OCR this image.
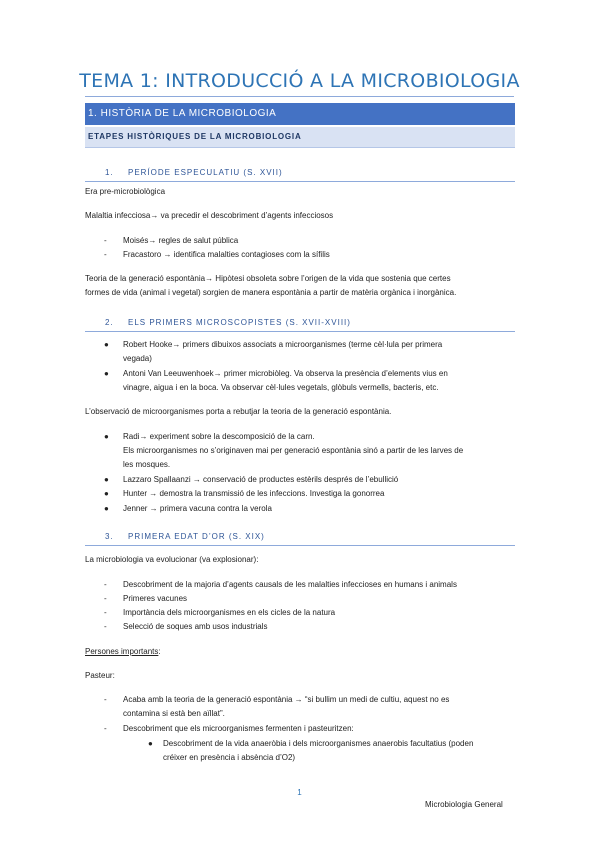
TEMA 1: INTRODUCCIÓ A LA MICROBIOLOGIA
1. HISTÒRIA DE LA MICROBIOLOGIA
ETAPES HISTÒRIQUES DE LA MICROBIOLOGIA
1. PERÍODE ESPECULATIU (S. XVII)
Era pre-microbiològica
Malaltia infecciosa→ va precedir el descobriment d’agents infecciosos
-	Moisés→ regles de salut pública
-	Fracastoro → identifica malalties contagioses com la sífilis
Teoria de la generació espontània→ Hipòtesi obsoleta sobre l’origen de la vida que sostenia que certes
formes de vida (animal i vegetal) sorgien de manera espontània a partir de matèria orgànica i inorgànica.
2. ELS PRIMERS MICROSCOPISTES (S. XVII-XVIII)
●	Robert Hooke→ primers dibuixos associats a microorganismes (terme cèl·lula per primera
vegada)
●	Antoni Van Leeuwenhoek→ primer microbiòleg. Va observa la presència d’elements vius en
vinagre, aigua i en la boca. Va observar cèl·lules vegetals, glòbuls vermells, bacteris, etc.
L’observació de microorganismes porta a rebutjar la teoria de la generació espontània.
●	Radi→ experiment sobre la descomposició de la carn.
Els microorganismes no s’originaven mai per generació espontània sinó a partir de les larves de
les mosques.
●	Lazzaro Spallaanzi → conservació de productes estèrils després de l’ebullició
●	Hunter → demostra la transmissió de les infeccions. Investiga la gonorrea
●	Jenner → primera vacuna contra la verola
3. PRIMERA EDAT D’OR (S. XIX)
La microbiologia va evolucionar (va explosionar):
-	Descobriment de la majoria d’agents causals de les malalties infeccioses en humans i animals
-	Primeres vacunes
-	Importància dels microorganismes en els cicles de la natura
-	Selecció de soques amb usos industrials
Persones importants:
Pasteur:
-	Acaba amb la teoria de la generació espontània → “si bullim un medi de cultiu, aquest no es
contamina si està ben aïllat”.
-	Descobriment que els microorganismes fermenten i pasteuritzen:
●	Descobriment de la vida anaeròbia i dels microorganismes anaerobis facultatius (poden
créixer en presència i absència d’O2)
1
Microbiologia General
